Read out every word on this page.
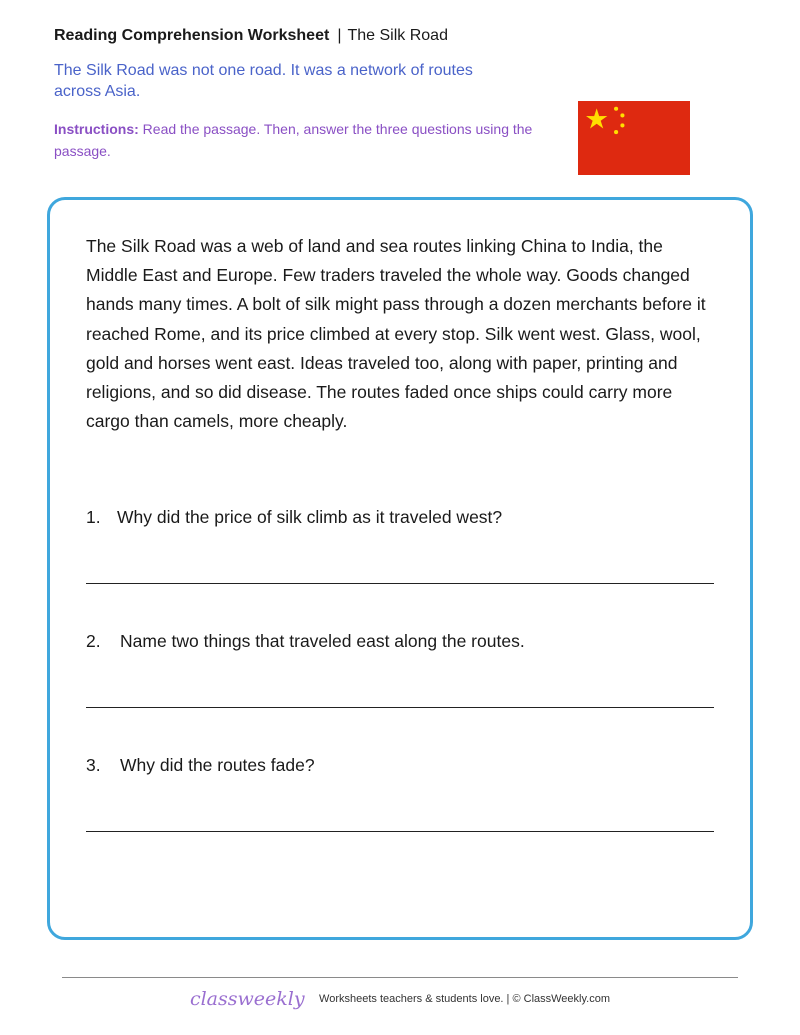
Reading Comprehension Worksheet | The Silk Road
The Silk Road was not one road. It was a network of routes across Asia.
Instructions: Read the passage. Then, answer the three questions using the passage.

The Silk Road was a web of land and sea routes linking China to India, the Middle East and Europe. Few traders traveled the whole way. Goods changed hands many times. A bolt of silk might pass through a dozen merchants before it reached Rome, and its price climbed at every stop. Silk went west. Glass, wool, gold and horses went east. Ideas traveled too, along with paper, printing and religions, and so did disease. The routes faded once ships could carry more cargo than camels, more cheaply.

1. Why did the price of silk climb as it traveled west?
2. Name two things that traveled east along the routes.
3. Why did the routes fade?
classweekly Worksheets teachers & students love. | © ClassWeekly.com
